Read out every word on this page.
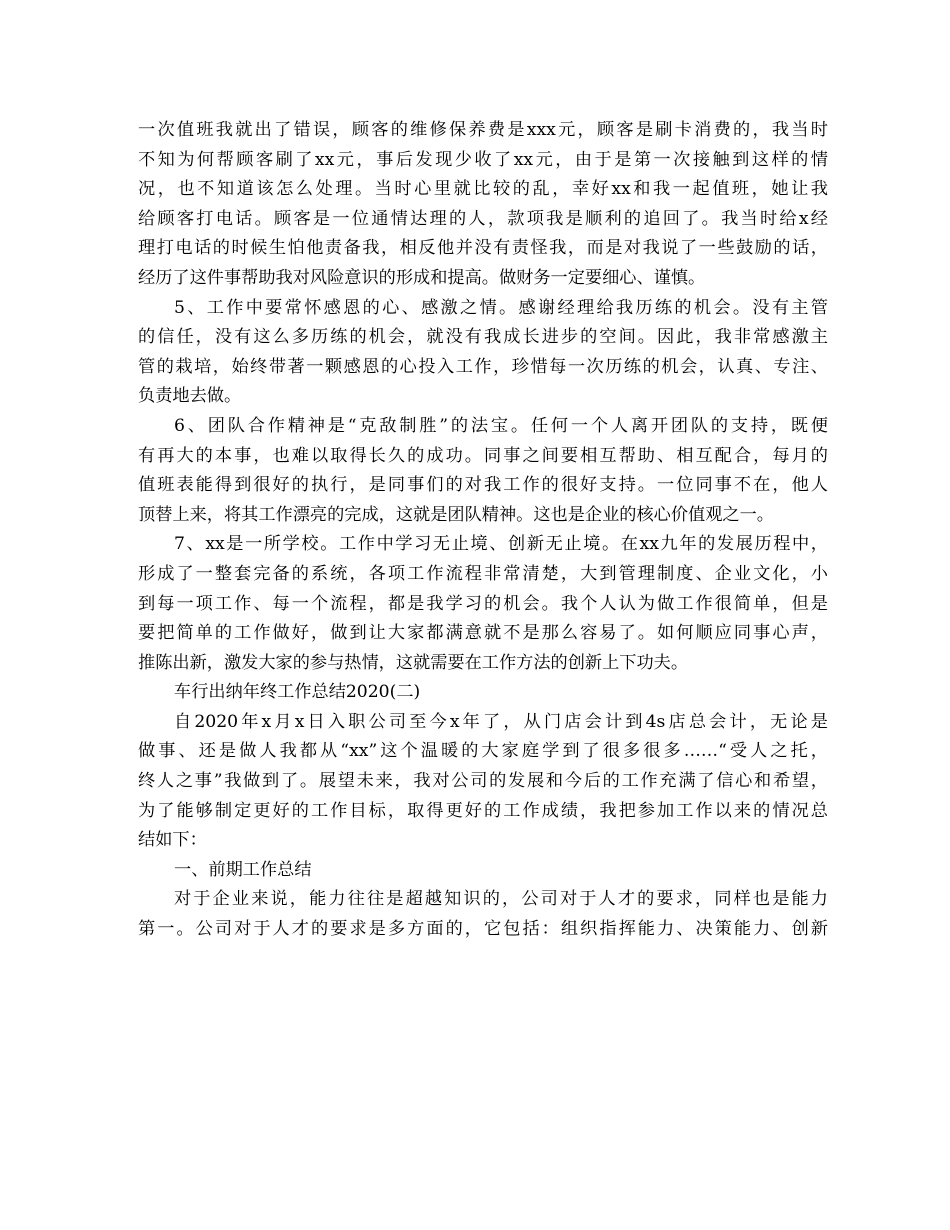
一次值班我就出了错误，顾客的维修保养费是xxx元，顾客是刷卡消费的，我当时
不知为何帮顾客刷了xx元，事后发现少收了xx元，由于是第一次接触到这样的情
况，也不知道该怎么处理。当时心里就比较的乱，幸好xx和我一起值班，她让我
给顾客打电话。顾客是一位通情达理的人，款项我是顺利的追回了。我当时给x经
理打电话的时候生怕他责备我，相反他并没有责怪我，而是对我说了一些鼓励的话，
经历了这件事帮助我对风险意识的形成和提高。做财务一定要细心、谨慎。
5、工作中要常怀感恩的心、感激之情。感谢经理给我历练的机会。没有主管
的信任，没有这么多历练的机会，就没有我成长进步的空间。因此，我非常感激主
管的栽培，始终带著一颗感恩的心投入工作，珍惜每一次历练的机会，认真、专注、
负责地去做。
6、团队合作精神是“克敌制胜”的法宝。任何一个人离开团队的支持，既便
有再大的本事，也难以取得长久的成功。同事之间要相互帮助、相互配合，每月的
值班表能得到很好的执行，是同事们的对我工作的很好支持。一位同事不在，他人
顶替上来，将其工作漂亮的完成，这就是团队精神。这也是企业的核心价值观之一。
7、xx是一所学校。工作中学习无止境、创新无止境。在xx九年的发展历程中，
形成了一整套完备的系统，各项工作流程非常清楚，大到管理制度、企业文化，小
到每一项工作、每一个流程，都是我学习的机会。我个人认为做工作很简单，但是
要把简单的工作做好，做到让大家都满意就不是那么容易了。如何顺应同事心声，
推陈出新，激发大家的参与热情，这就需要在工作方法的创新上下功夫。
车行出纳年终工作总结2020(二)
自2020年x月x日入职公司至今x年了，从门店会计到4s店总会计，无论是
做事、还是做人我都从“xx”这个温暖的大家庭学到了很多很多……“受人之托，
终人之事”我做到了。展望未来，我对公司的发展和今后的工作充满了信心和希望，
为了能够制定更好的工作目标，取得更好的工作成绩，我把参加工作以来的情况总
结如下：
一、前期工作总结
对于企业来说，能力往往是超越知识的，公司对于人才的要求，同样也是能力
第一。公司对于人才的要求是多方面的，它包括：组织指挥能力、决策能力、创新
